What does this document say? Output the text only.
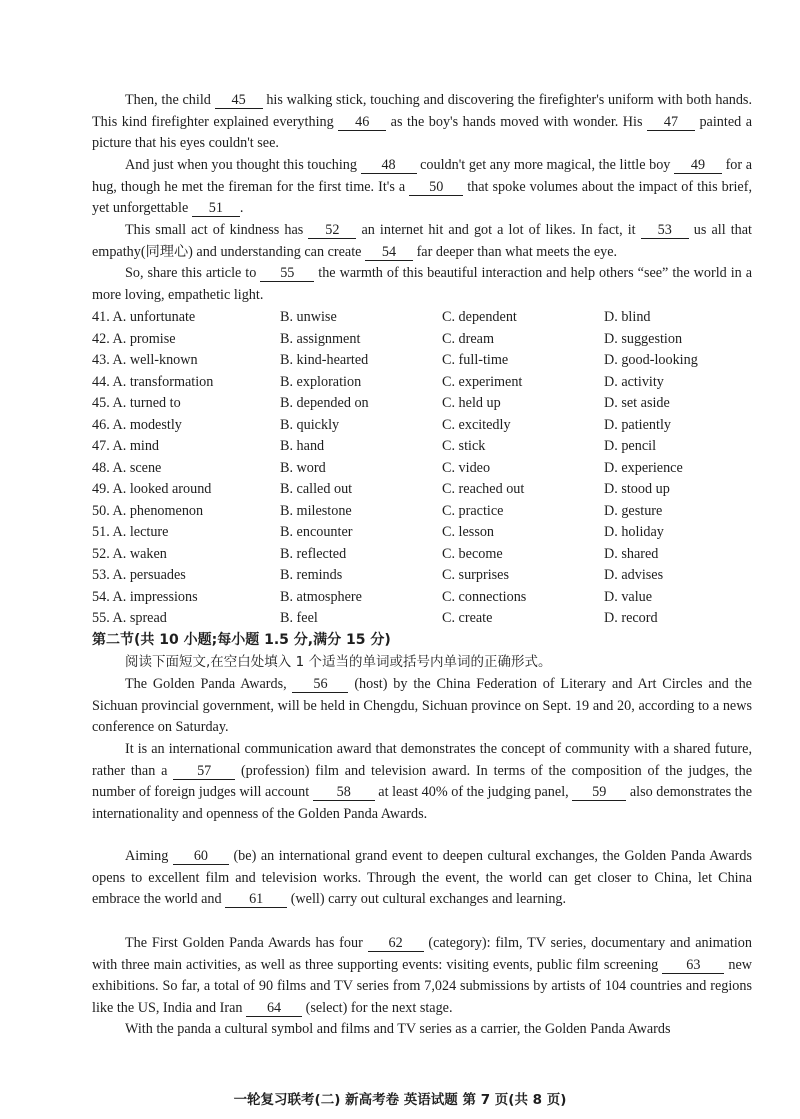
Then, the child 45 his walking stick, touching and discovering the firefighter's uniform with both hands. This kind firefighter explained everything 46 as the boy's hands moved with wonder. His 47 painted a picture that his eyes couldn't see.

And just when you thought this touching 48 couldn't get any more magical, the little boy 49 for a hug, though he met the fireman for the first time. It's a 50 that spoke volumes about the impact of this brief, yet unforgettable 51 .

This small act of kindness has 52 an internet hit and got a lot of likes. In fact, it 53 us all that empathy(同理心) and understanding can create 54 far deeper than what meets the eye.

So, share this article to 55 the warmth of this beautiful interaction and help others “see” the world in a more loving, empathetic light.

41. A. unfortunate	B. unwise	C. dependent	D. blind
42. A. promise	B. assignment	C. dream	D. suggestion
43. A. well-known	B. kind-hearted	C. full-time	D. good-looking
44. A. transformation	B. exploration	C. experiment	D. activity
45. A. turned to	B. depended on	C. held up	D. set aside
46. A. modestly	B. quickly	C. excitedly	D. patiently
47. A. mind	B. hand	C. stick	D. pencil
48. A. scene	B. word	C. video	D. experience
49. A. looked around	B. called out	C. reached out	D. stood up
50. A. phenomenon	B. milestone	C. practice	D. gesture
51. A. lecture	B. encounter	C. lesson	D. holiday
52. A. waken	B. reflected	C. become	D. shared
53. A. persuades	B. reminds	C. surprises	D. advises
54. A. impressions	B. atmosphere	C. connections	D. value
55. A. spread	B. feel	C. create	D. record
第二节(共 10 小题;每小题 1.5 分,满分 15 分)
阅读下面短文,在空白处填入 1 个适当的单词或括号内单词的正确形式。

The Golden Panda Awards, 56 (host) by the China Federation of Literary and Art Circles and the Sichuan provincial government, will be held in Chengdu, Sichuan province on Sept. 19 and 20, according to a news conference on Saturday.

It is an international communication award that demonstrates the concept of community with a shared future, rather than a 57 (profession) film and television award. In terms of the composition of the judges, the number of foreign judges will account 58 at least 40% of the judging panel, 59 also demonstrates the internationality and openness of the Golden Panda Awards.

Aiming 60 (be) an international grand event to deepen cultural exchanges, the Golden Panda Awards opens to excellent film and television works. Through the event, the world can get closer to China, let China embrace the world and 61 (well) carry out cultural exchanges and learning.

The First Golden Panda Awards has four 62 (category): film, TV series, documentary and animation with three main activities, as well as three supporting events: visiting events, public film screening 63 new exhibitions. So far, a total of 90 films and TV series from 7,024 submissions by artists of 104 countries and regions like the US, India and Iran 64 (select) for the next stage.

With the panda a cultural symbol and films and TV series as a carrier, the Golden Panda Awards

一轮复习联考(二) 新高考卷 英语试题 第 7 页(共 8 页)
